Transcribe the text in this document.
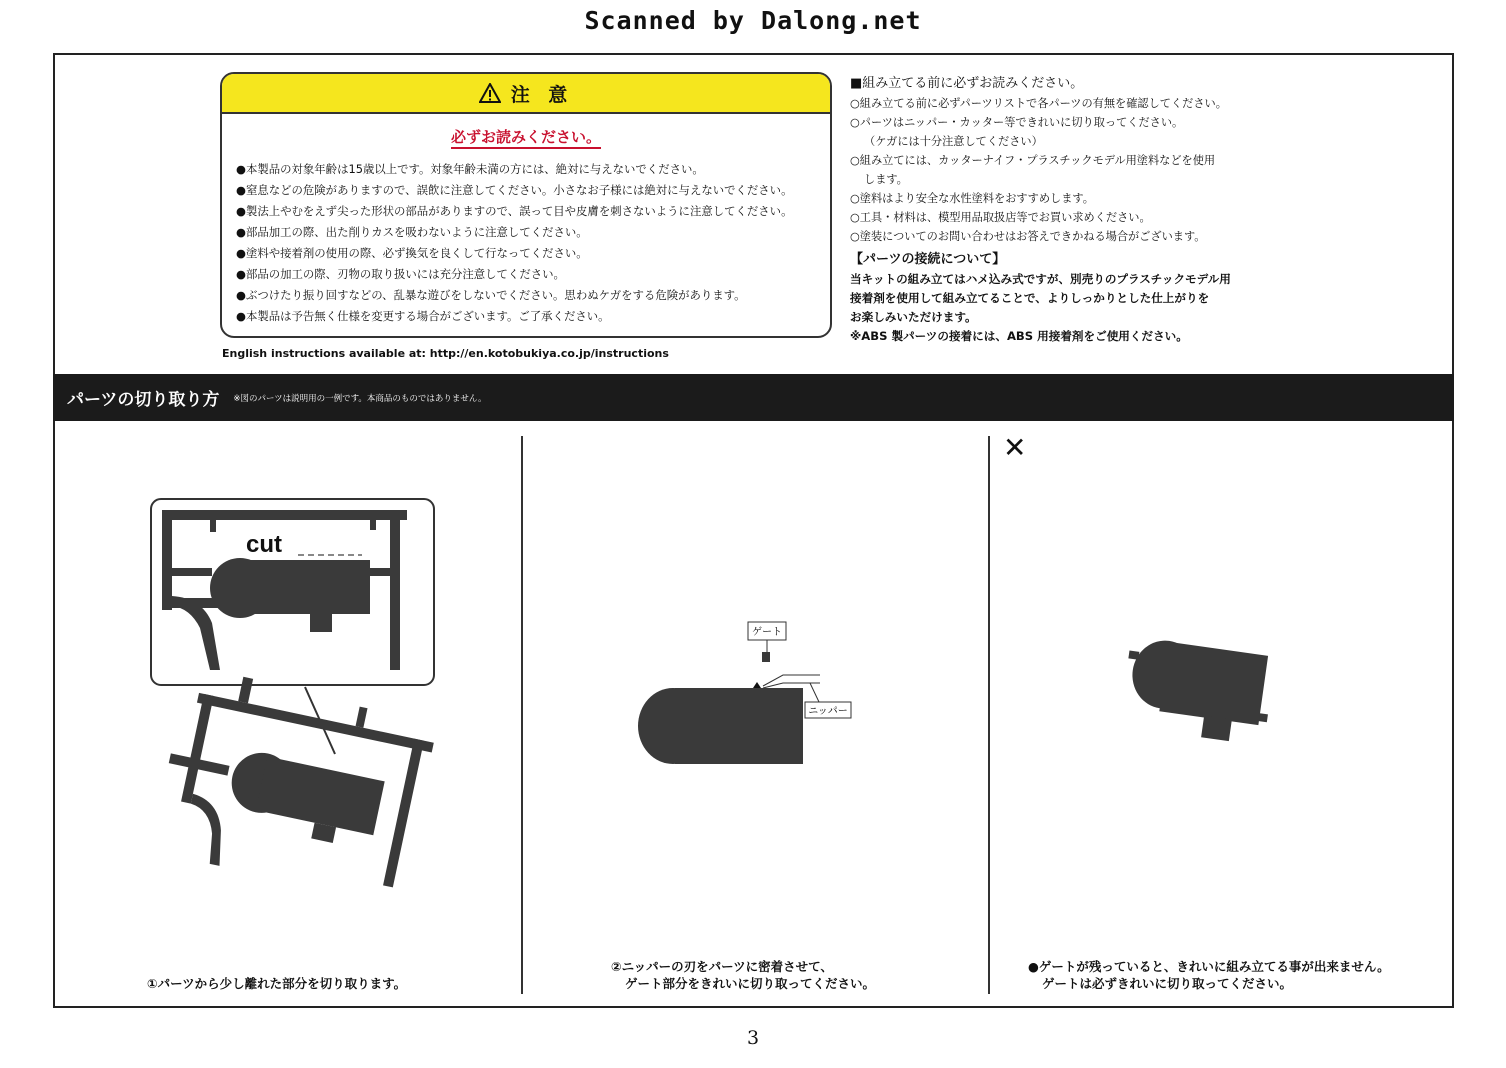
Scanned by Dalong.net
注 意
必ずお読みください。
●本製品の対象年齢は15歳以上です。対象年齢未満の方には、絶対に与えないでください。
●窒息などの危険がありますので、誤飲に注意してください。小さなお子様には絶対に与えないでください。
●製法上やむをえず尖った形状の部品がありますので、誤って目や皮膚を刺さないように注意してください。
●部品加工の際、出た削りカスを吸わないように注意してください。
●塗料や接着剤の使用の際、必ず換気を良くして行なってください。
●部品の加工の際、刃物の取り扱いには充分注意してください。
●ぶつけたり振り回すなどの、乱暴な遊びをしないでください。思わぬケガをする危険があります。
●本製品は予告無く仕様を変更する場合がございます。ご了承ください。
English instructions available at: http://en.kotobukiya.co.jp/instructions
■組み立てる前に必ずお読みください。
○組み立てる前に必ずパーツリストで各パーツの有無を確認してください。
○パーツはニッパー・カッター等できれいに切り取ってください。
（ケガには十分注意してください）
○組み立てには、カッターナイフ・プラスチックモデル用塗料などを使用
します。
○塗料はより安全な水性塗料をおすすめします。
○工具・材料は、模型用品取扱店等でお買い求めください。
○塗装についてのお問い合わせはお答えできかねる場合がございます。
【パーツの接続について】
当キットの組み立てはハメ込み式ですが、別売りのプラスチックモデル用
接着剤を使用して組み立てることで、よりしっかりとした仕上がりを
お楽しみいただけます。
※ABS 製パーツの接着には、ABS 用接着剤をご使用ください。
パーツの切り取り方 ※図のパーツは説明用の一例です。本商品のものではありません。
cut
ゲート
ニッパー
✕
①パーツから少し離れた部分を切り取ります。
②ニッパーの刃をパーツに密着させて、
ゲート部分をきれいに切り取ってください。
●ゲートが残っていると、きれいに組み立てる事が出来ません。
ゲートは必ずきれいに切り取ってください。
3
